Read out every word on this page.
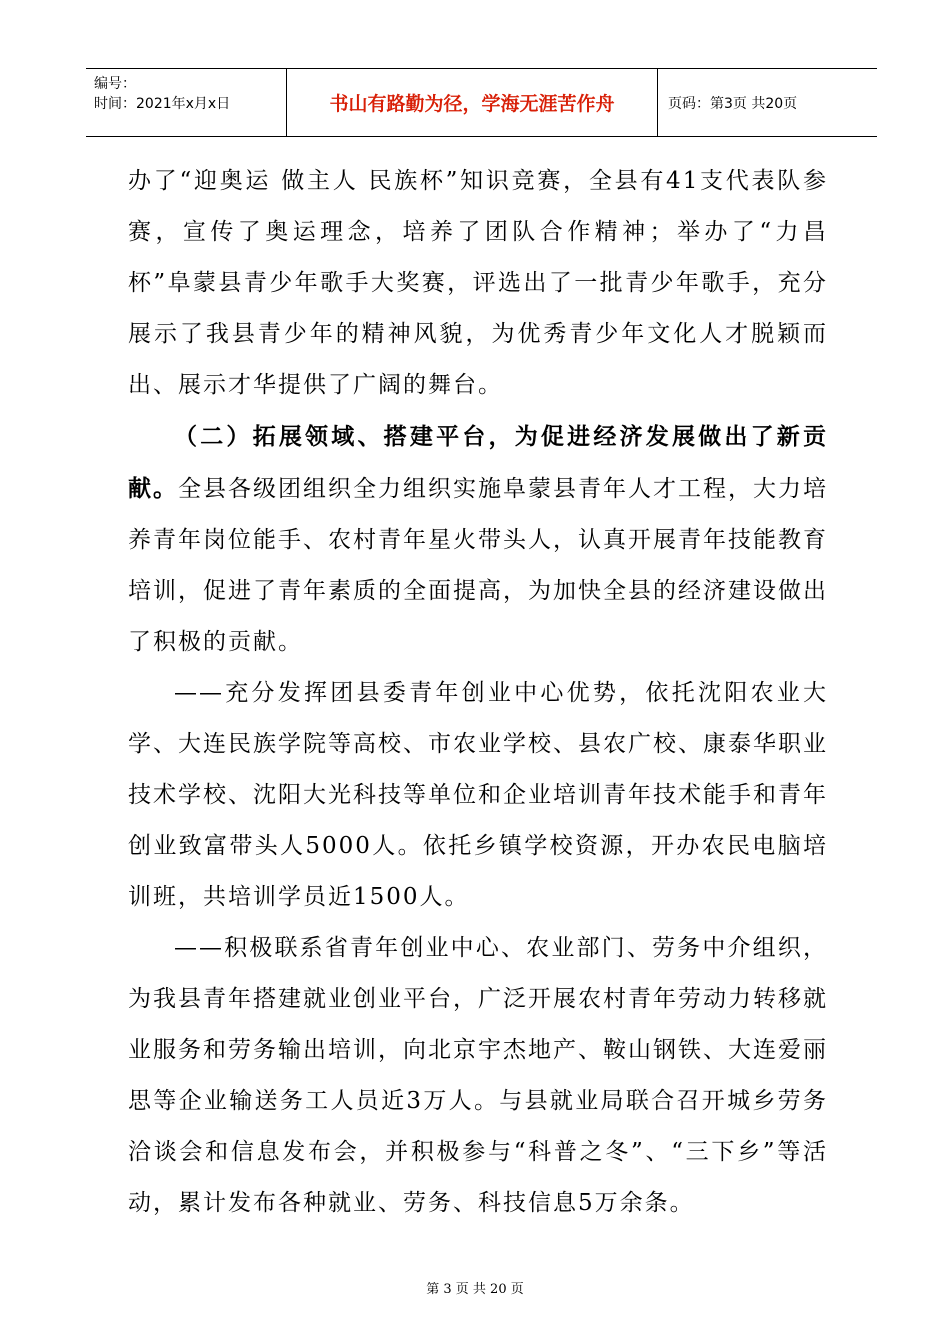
编号：
时间：2021年x月x日	书山有路勤为径，学海无涯苦作舟	页码：第3页 共20页

办了“迎奥运 做主人 民族杯”知识竞赛，全县有41支代表队参赛，宣传了奥运理念，培养了团队合作精神；举办了“力昌杯”阜蒙县青少年歌手大奖赛，评选出了一批青少年歌手，充分展示了我县青少年的精神风貌，为优秀青少年文化人才脱颖而出、展示才华提供了广阔的舞台。

（二）拓展领域、搭建平台，为促进经济发展做出了新贡献。全县各级团组织全力组织实施阜蒙县青年人才工程，大力培养青年岗位能手、农村青年星火带头人，认真开展青年技能教育培训，促进了青年素质的全面提高，为加快全县的经济建设做出了积极的贡献。

——充分发挥团县委青年创业中心优势，依托沈阳农业大学、大连民族学院等高校、市农业学校、县农广校、康泰华职业技术学校、沈阳大光科技等单位和企业培训青年技术能手和青年创业致富带头人5000人。依托乡镇学校资源，开办农民电脑培训班，共培训学员近1500人。

——积极联系省青年创业中心、农业部门、劳务中介组织，为我县青年搭建就业创业平台，广泛开展农村青年劳动力转移就业服务和劳务输出培训，向北京宇杰地产、鞍山钢铁、大连爱丽思等企业输送务工人员近3万人。与县就业局联合召开城乡劳务洽谈会和信息发布会，并积极参与“科普之冬”、“三下乡”等活动，累计发布各种就业、劳务、科技信息5万余条。

第 3 页 共 20 页
